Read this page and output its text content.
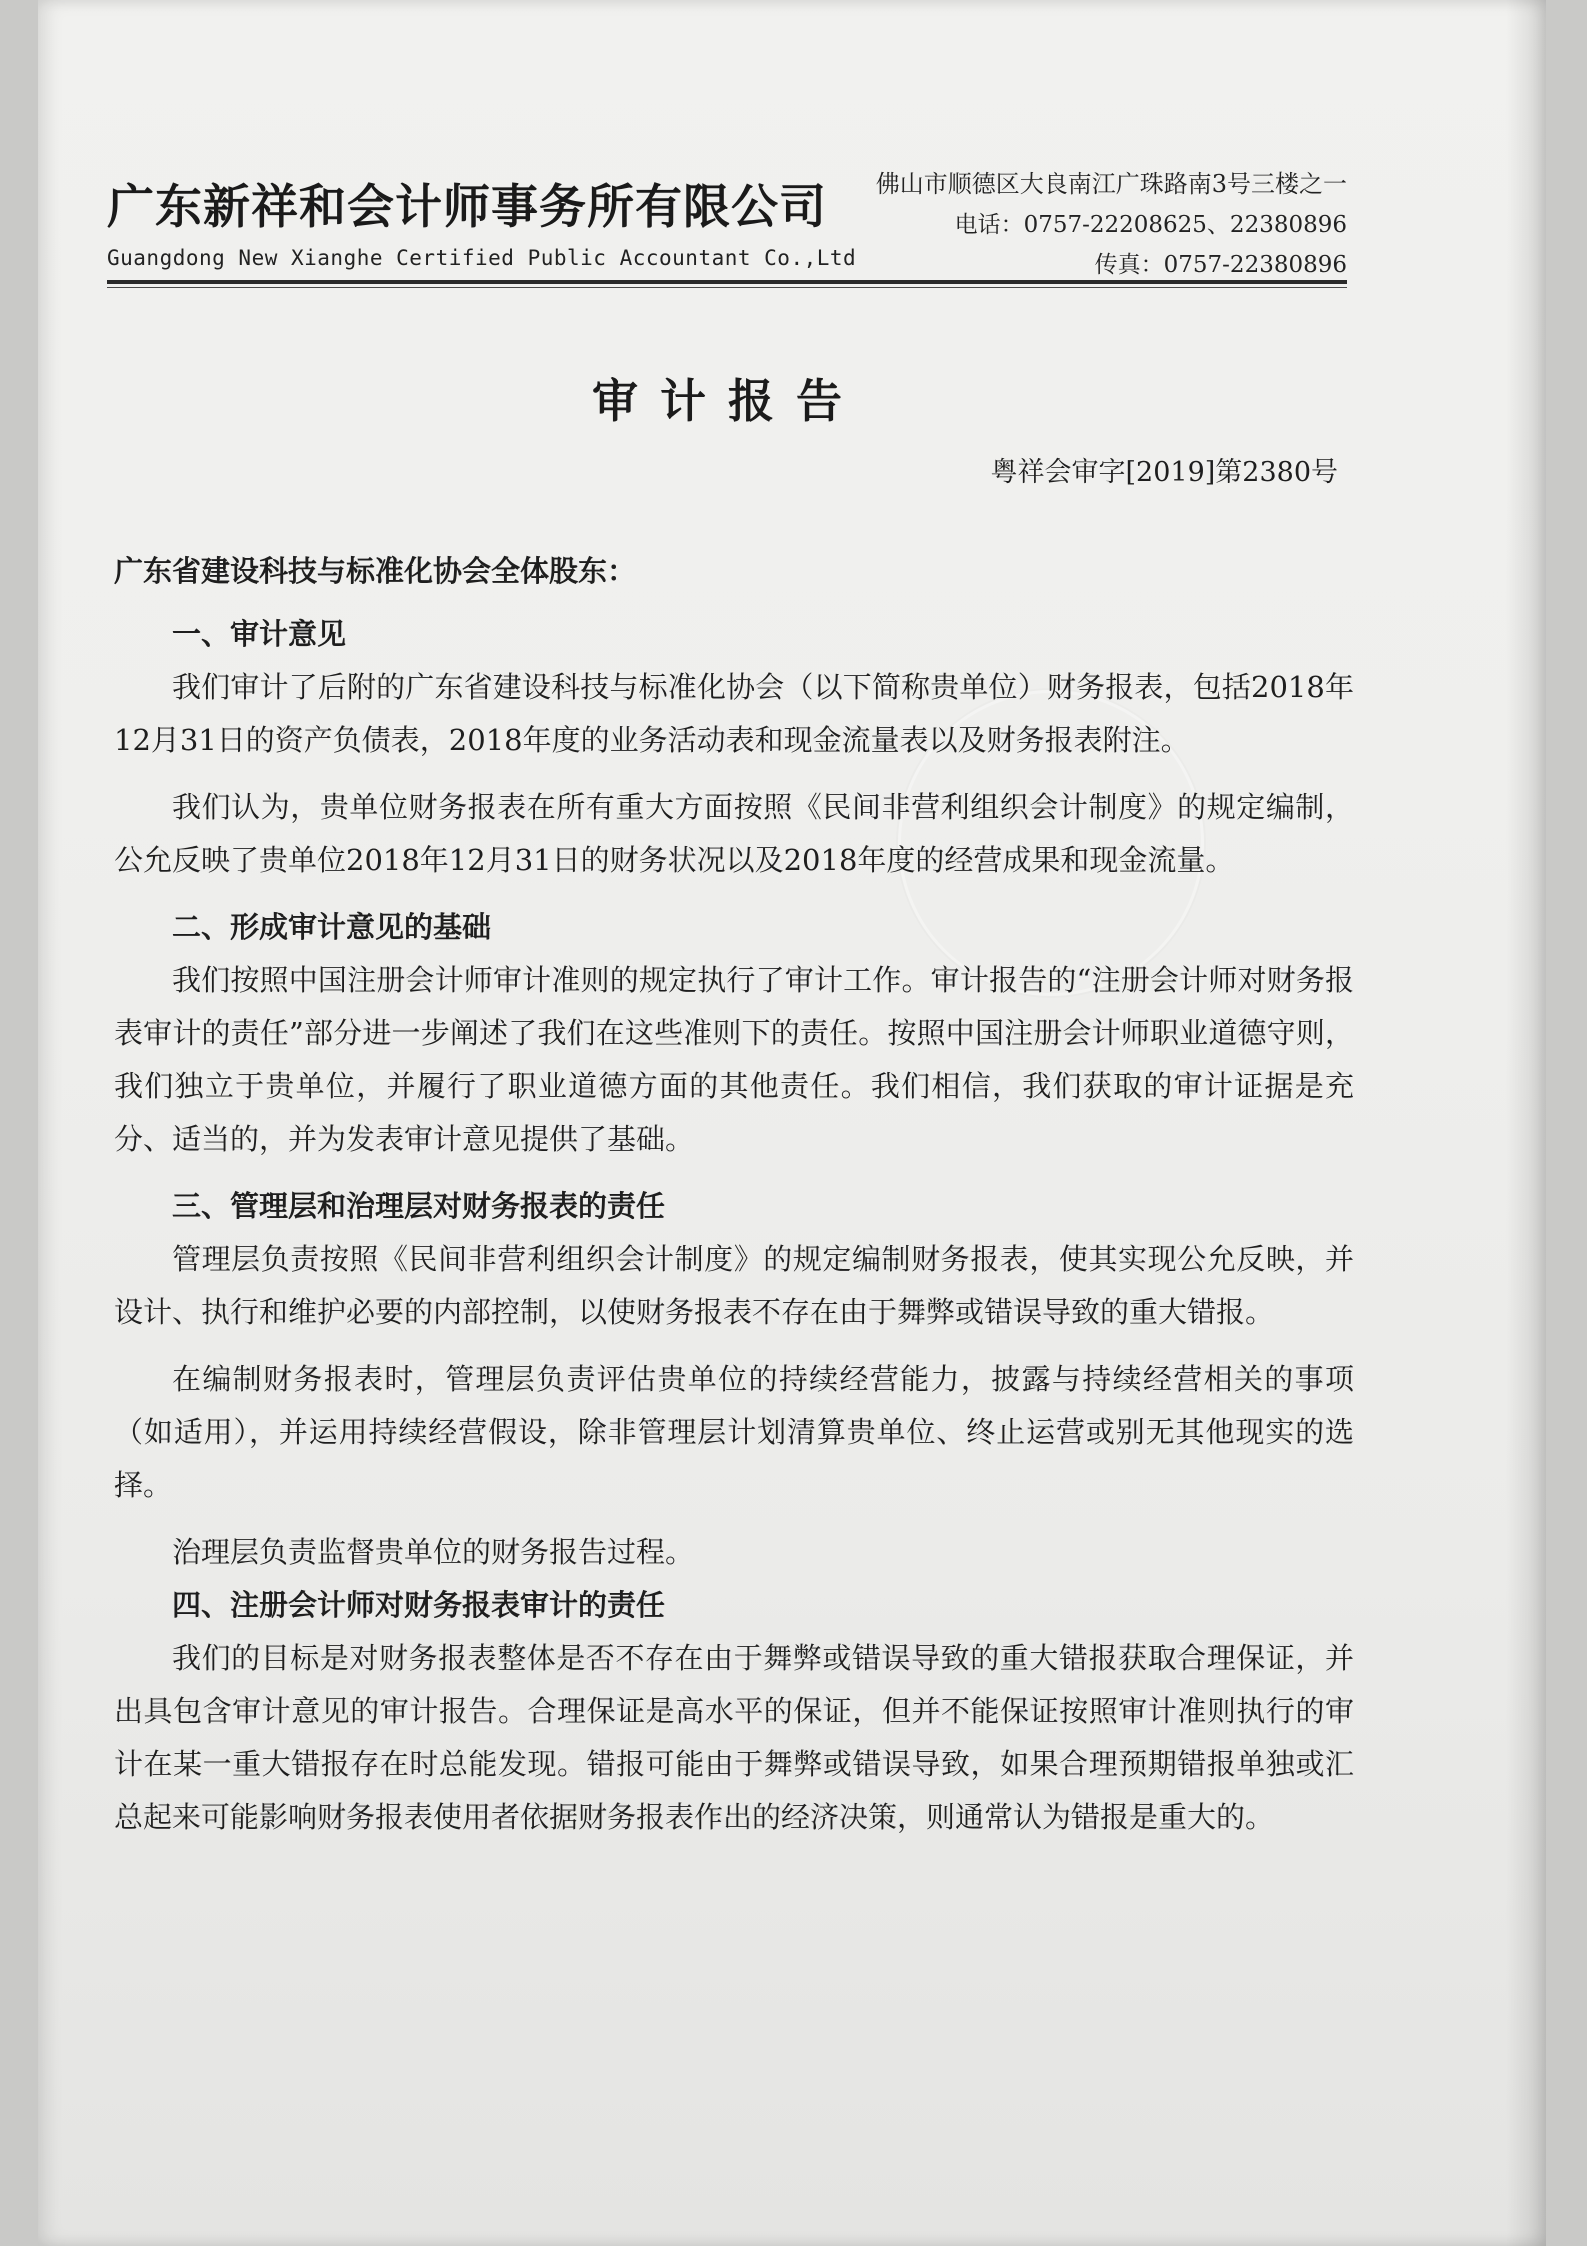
广东新祥和会计师事务所有限公司
Guangdong New Xianghe Certified Public Accountant Co.,Ltd
佛山市顺德区大良南江广珠路南3号三楼之一
电话：0757-22208625、22380896
传真：0757-22380896
审计报告
粤祥会审字[2019]第2380号

广东省建设科技与标准化协会全体股东：

一、审计意见

我们审计了后附的广东省建设科技与标准化协会（以下简称贵单位）财务报表，包括2018年12月31日的资产负债表，2018年度的业务活动表和现金流量表以及财务报表附注。

我们认为，贵单位财务报表在所有重大方面按照《民间非营利组织会计制度》的规定编制，公允反映了贵单位2018年12月31日的财务状况以及2018年度的经营成果和现金流量。

二、形成审计意见的基础

我们按照中国注册会计师审计准则的规定执行了审计工作。审计报告的“注册会计师对财务报表审计的责任”部分进一步阐述了我们在这些准则下的责任。按照中国注册会计师职业道德守则，我们独立于贵单位，并履行了职业道德方面的其他责任。我们相信，我们获取的审计证据是充分、适当的，并为发表审计意见提供了基础。

三、管理层和治理层对财务报表的责任

管理层负责按照《民间非营利组织会计制度》的规定编制财务报表，使其实现公允反映，并设计、执行和维护必要的内部控制，以使财务报表不存在由于舞弊或错误导致的重大错报。

在编制财务报表时，管理层负责评估贵单位的持续经营能力，披露与持续经营相关的事项（如适用），并运用持续经营假设，除非管理层计划清算贵单位、终止运营或别无其他现实的选择。

治理层负责监督贵单位的财务报告过程。

四、注册会计师对财务报表审计的责任

我们的目标是对财务报表整体是否不存在由于舞弊或错误导致的重大错报获取合理保证，并出具包含审计意见的审计报告。合理保证是高水平的保证，但并不能保证按照审计准则执行的审计在某一重大错报存在时总能发现。错报可能由于舞弊或错误导致，如果合理预期错报单独或汇总起来可能影响财务报表使用者依据财务报表作出的经济决策，则通常认为错报是重大的。
